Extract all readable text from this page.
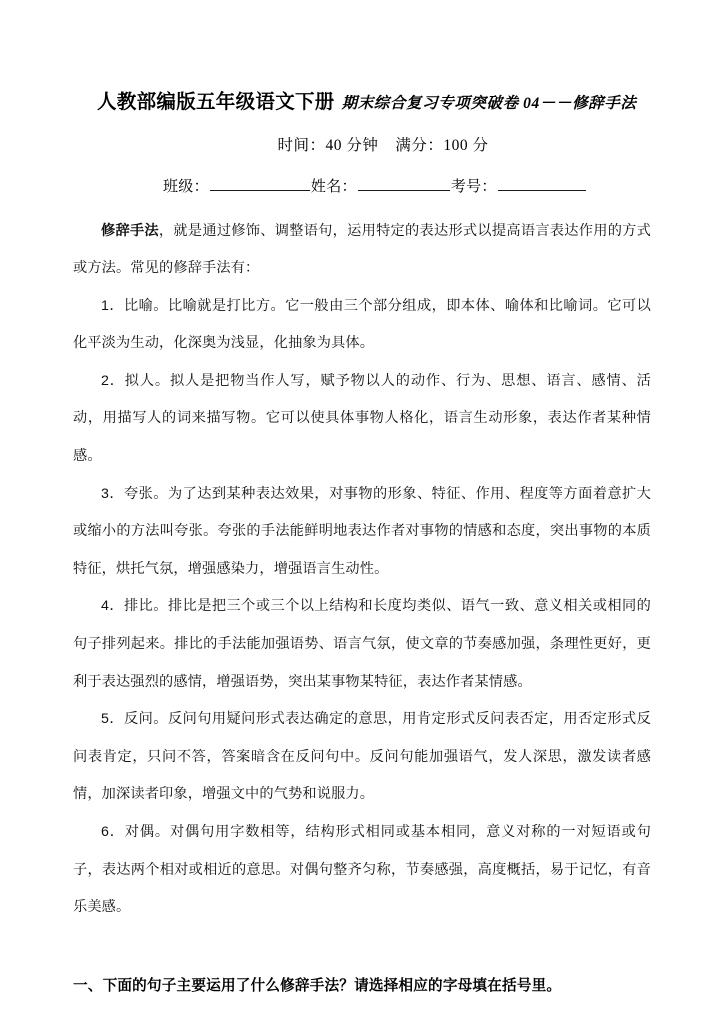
人教部编版五年级语文下册 期末综合复习专项突破卷 04－－修辞手法
时间：40 分钟 满分：100 分
班级：	姓名：	考号：

修辞手法，就是通过修饰、调整语句，运用特定的表达形式以提高语言表达作用的方式或方法。常见的修辞手法有：

1．比喻。比喻就是打比方。它一般由三个部分组成，即本体、喻体和比喻词。它可以化平淡为生动，化深奥为浅显，化抽象为具体。

2．拟人。拟人是把物当作人写，赋予物以人的动作、行为、思想、语言、感情、活动，用描写人的词来描写物。它可以使具体事物人格化，语言生动形象，表达作者某种情感。

3．夸张。为了达到某种表达效果，对事物的形象、特征、作用、程度等方面着意扩大或缩小的方法叫夸张。夸张的手法能鲜明地表达作者对事物的情感和态度，突出事物的本质特征，烘托气氛，增强感染力，增强语言生动性。

4．排比。排比是把三个或三个以上结构和长度均类似、语气一致、意义相关或相同的句子排列起来。排比的手法能加强语势、语言气氛，使文章的节奏感加强，条理性更好，更利于表达强烈的感情，增强语势，突出某事物某特征，表达作者某情感。

5．反问。反问句用疑问形式表达确定的意思，用肯定形式反问表否定，用否定形式反问表肯定，只问不答，答案暗含在反问句中。反问句能加强语气，发人深思，激发读者感情，加深读者印象，增强文中的气势和说服力。

6．对偶。对偶句用字数相等，结构形式相同或基本相同，意义对称的一对短语或句子，表达两个相对或相近的意思。对偶句整齐匀称，节奏感强，高度概括，易于记忆，有音乐美感。

一、下面的句子主要运用了什么修辞手法？请选择相应的字母填在括号里。
